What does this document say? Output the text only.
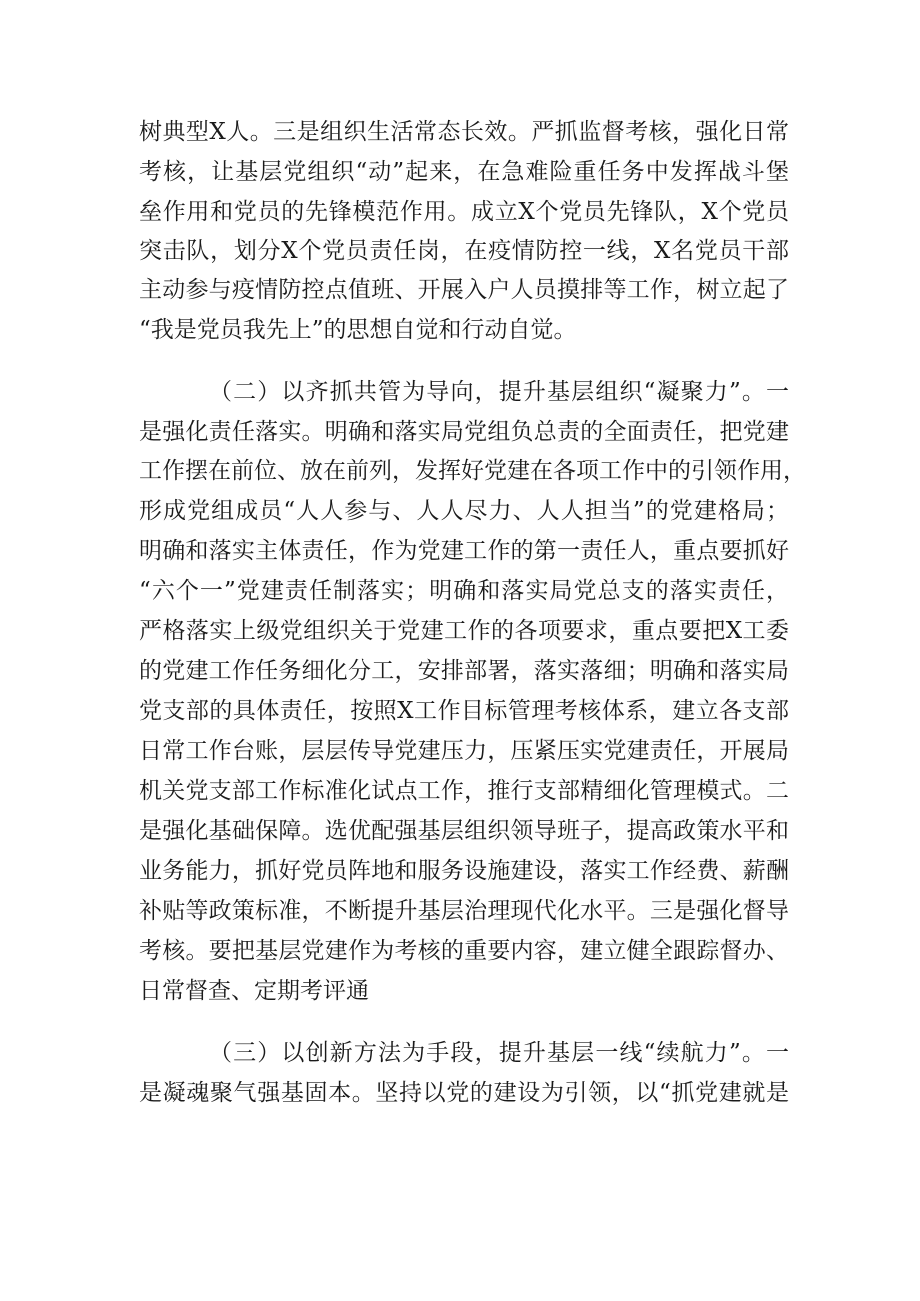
树典型X人。三是组织生活常态长效。严抓监督考核，强化日常
考核，让基层党组织“动”起来，在急难险重任务中发挥战斗堡
垒作用和党员的先锋模范作用。成立X个党员先锋队，X个党员
突击队，划分X个党员责任岗，在疫情防控一线，X名党员干部
主动参与疫情防控点值班、开展入户人员摸排等工作，树立起了
“我是党员我先上”的思想自觉和行动自觉。
（二）以齐抓共管为导向，提升基层组织“凝聚力”。一
是强化责任落实。明确和落实局党组负总责的全面责任，把党建
工作摆在前位、放在前列，发挥好党建在各项工作中的引领作用，
形成党组成员“人人参与、人人尽力、人人担当”的党建格局；
明确和落实主体责任，作为党建工作的第一责任人，重点要抓好
“六个一”党建责任制落实；明确和落实局党总支的落实责任，
严格落实上级党组织关于党建工作的各项要求，重点要把X工委
的党建工作任务细化分工，安排部署，落实落细；明确和落实局
党支部的具体责任，按照X工作目标管理考核体系，建立各支部
日常工作台账，层层传导党建压力，压紧压实党建责任，开展局
机关党支部工作标准化试点工作，推行支部精细化管理模式。二
是强化基础保障。选优配强基层组织领导班子，提高政策水平和
业务能力，抓好党员阵地和服务设施建设，落实工作经费、薪酬
补贴等政策标准，不断提升基层治理现代化水平。三是强化督导
考核。要把基层党建作为考核的重要内容，建立健全跟踪督办、
日常督查、定期考评通
（三）以创新方法为手段，提升基层一线“续航力”。一
是凝魂聚气强基固本。坚持以党的建设为引领，以“抓党建就是
